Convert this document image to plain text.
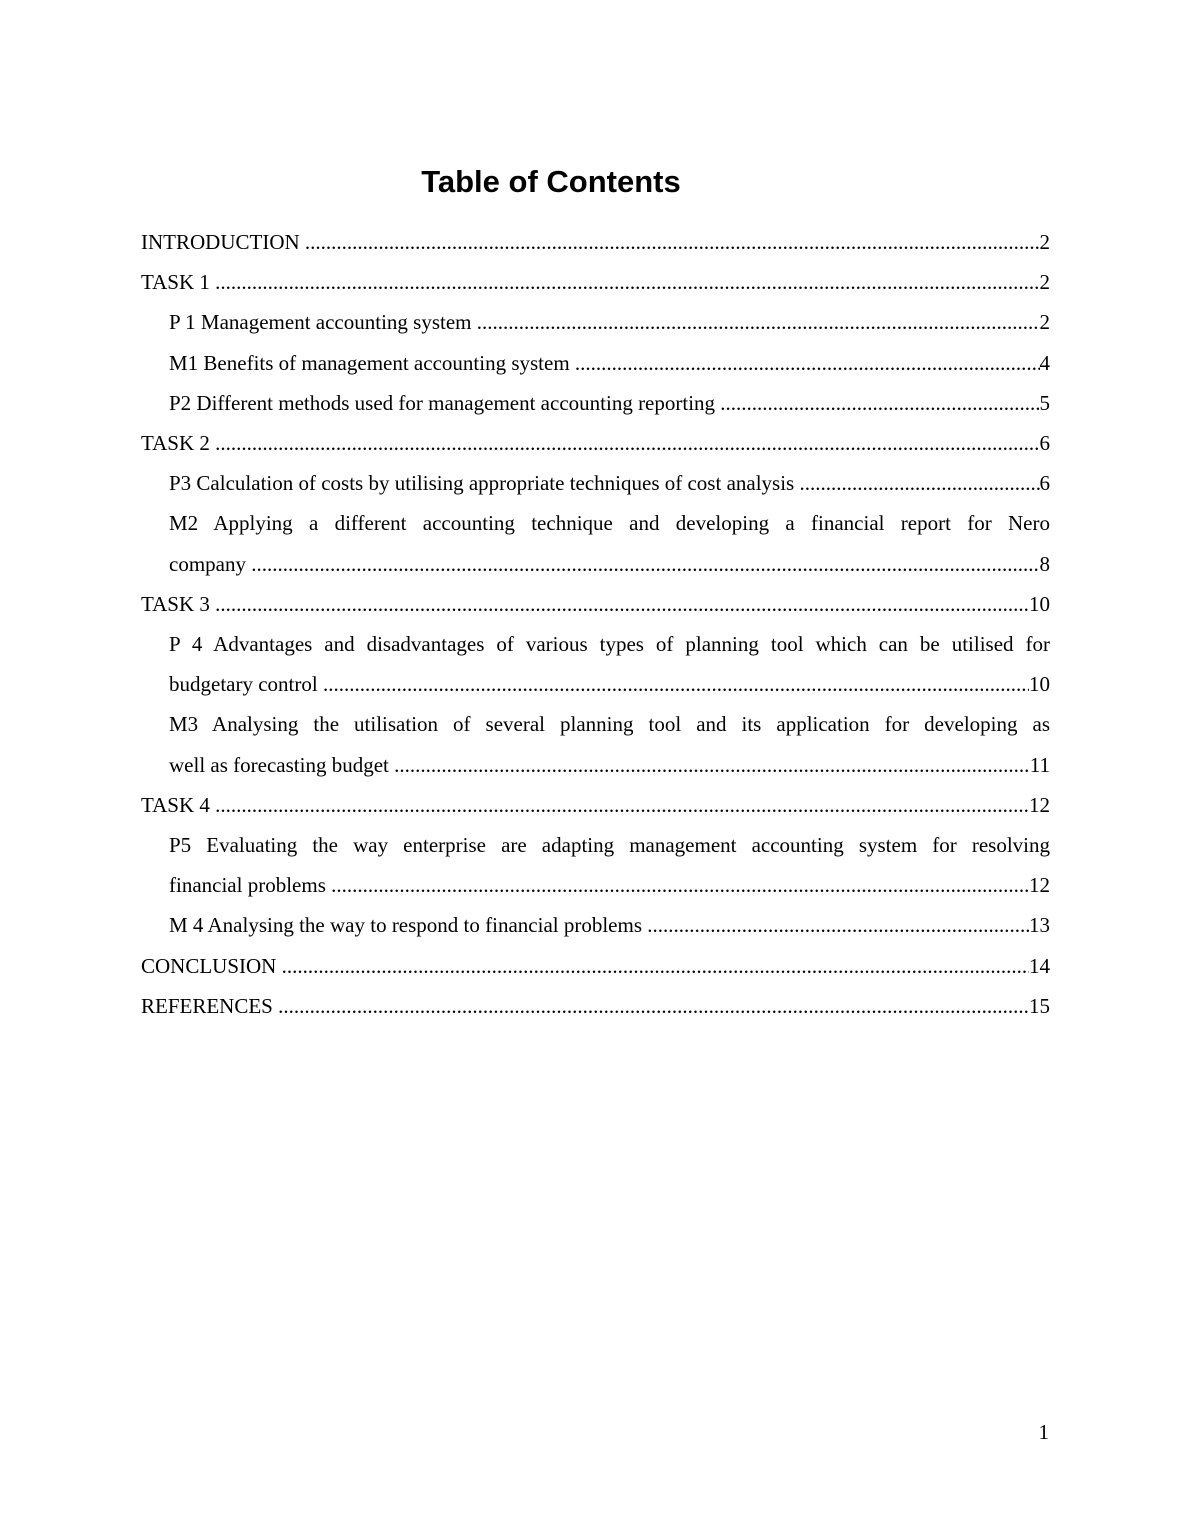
Table of Contents
INTRODUCTION .....	2
TASK 1 .....	2
P 1 Management accounting system .....	2
M1 Benefits of management accounting system .....	4
P2 Different methods used for management accounting reporting .....	5
TASK 2 .....	6
P3 Calculation of costs by utilising appropriate techniques of cost analysis .....	6
M2 Applying a different accounting technique and developing a financial report for Nero
company .....	8
TASK 3 .....	10
P 4 Advantages and disadvantages of various types of planning tool which can be utilised for
budgetary control .....	10
M3 Analysing the utilisation of several planning tool and its application for developing as
well as forecasting budget .....	11
TASK 4 .....	12
P5 Evaluating the way enterprise are adapting management accounting system for resolving
financial problems .....	12
M 4 Analysing the way to respond to financial problems .....	13
CONCLUSION .....	14
REFERENCES .....	15

1
